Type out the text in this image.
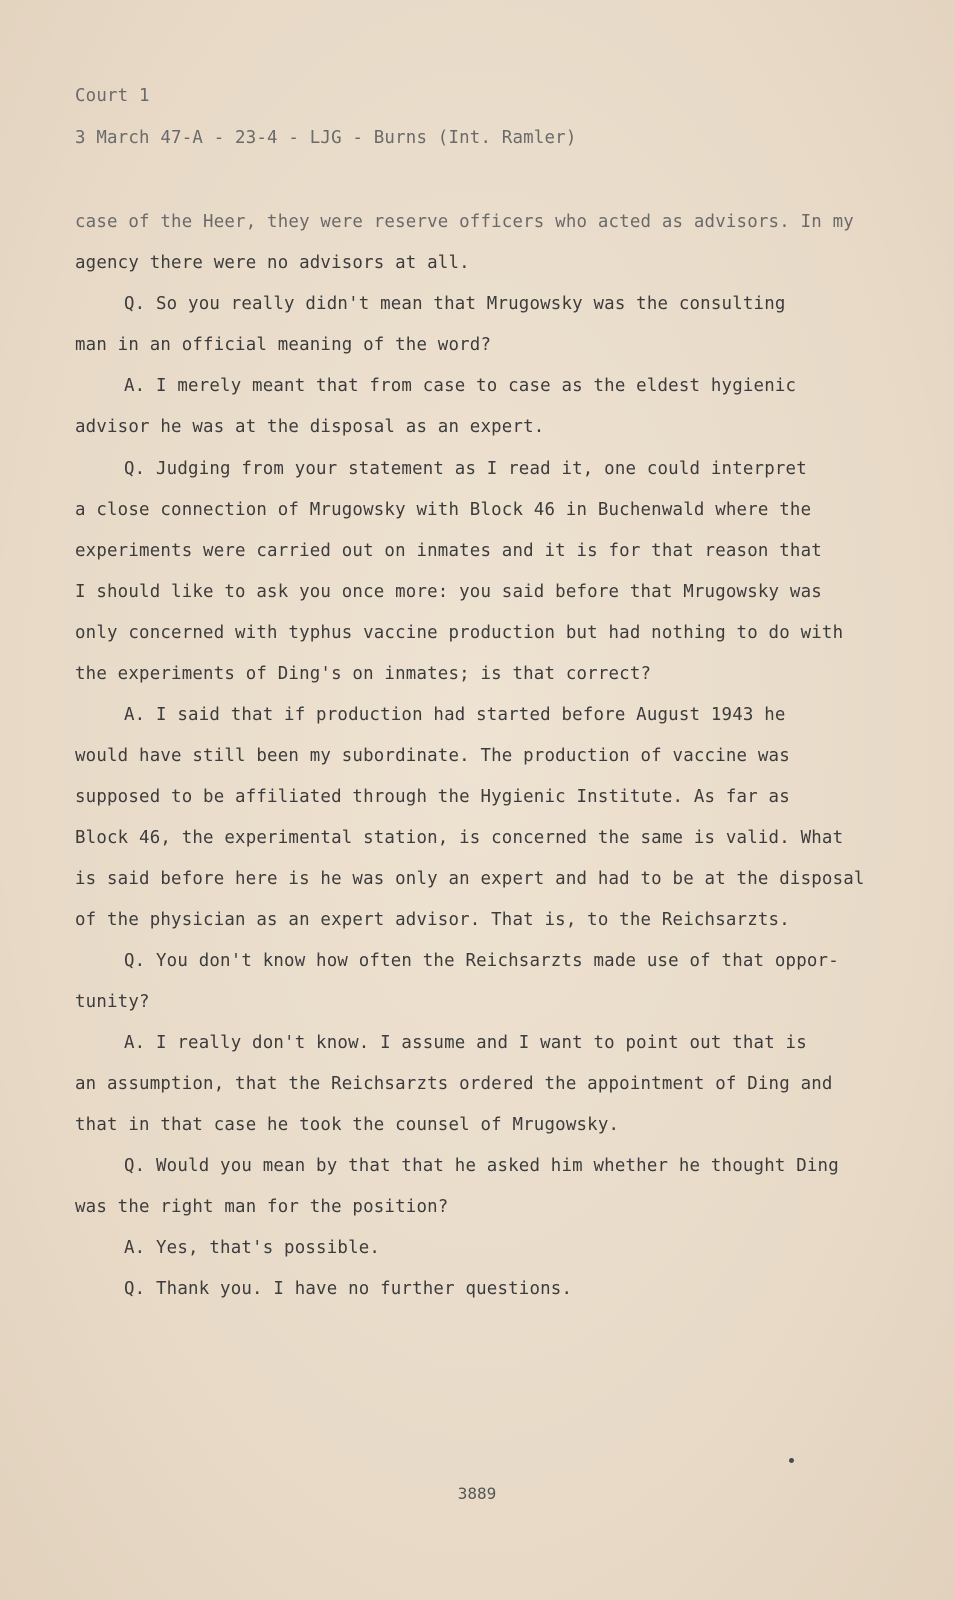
Court 1
3 March 47-A - 23-4 - LJG - Burns (Int. Ramler)
case of the Heer, they were reserve officers who acted as advisors. In my
agency there were no advisors at all.
Q. So you really didn't mean that Mrugowsky was the consulting
man in an official meaning of the word?
A. I merely meant that from case to case as the eldest hygienic
advisor he was at the disposal as an expert.
Q. Judging from your statement as I read it, one could interpret
a close connection of Mrugowsky with Block 46 in Buchenwald where the
experiments were carried out on inmates and it is for that reason that
I should like to ask you once more: you said before that Mrugowsky was
only concerned with typhus vaccine production but had nothing to do with
the experiments of Ding's on inmates; is that correct?
A. I said that if production had started before August 1943 he
would have still been my subordinate. The production of vaccine was
supposed to be affiliated through the Hygienic Institute. As far as
Block 46, the experimental station, is concerned the same is valid. What
is said before here is he was only an expert and had to be at the disposal
of the physician as an expert advisor. That is, to the Reichsarzts.
Q. You don't know how often the Reichsarzts made use of that oppor-
tunity?
A. I really don't know. I assume and I want to point out that is
an assumption, that the Reichsarzts ordered the appointment of Ding and
that in that case he took the counsel of Mrugowsky.
Q. Would you mean by that that he asked him whether he thought Ding
was the right man for the position?
A. Yes, that's possible.
Q. Thank you. I have no further questions.
3889
